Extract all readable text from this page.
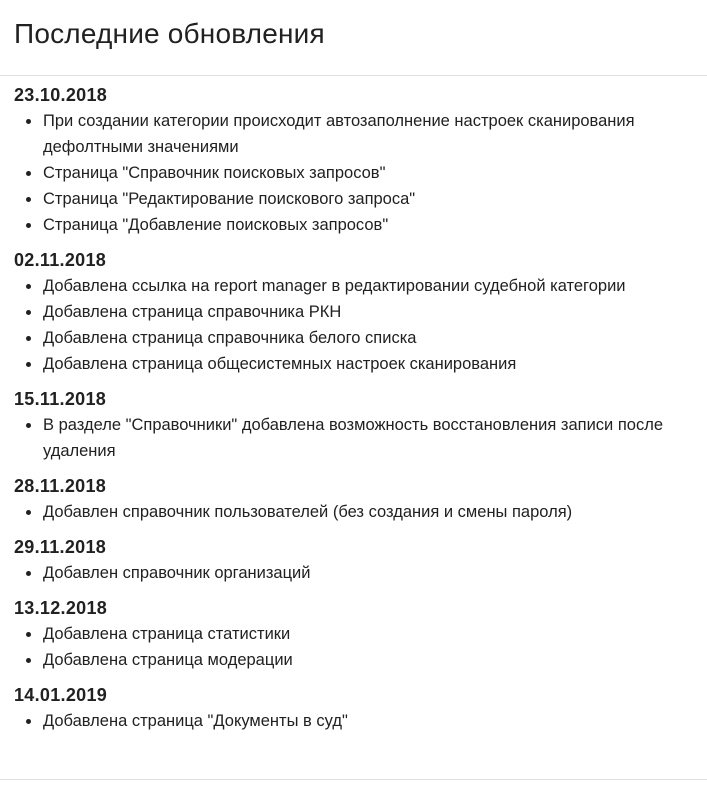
Последние обновления
23.10.2018
При создании категории происходит автозаполнение настроек сканирования дефолтными значениями
Страница "Справочник поисковых запросов"
Страница "Редактирование поискового запроса"
Страница "Добавление поисковых запросов"
02.11.2018
Добавлена ссылка на report manager в редактировании судебной категории
Добавлена страница справочника РКН
Добавлена страница справочника белого списка
Добавлена страница общесистемных настроек сканирования
15.11.2018
В разделе "Справочники" добавлена возможность восстановления записи после удаления
28.11.2018
Добавлен справочник пользователей (без создания и смены пароля)
29.11.2018
Добавлен справочник организаций
13.12.2018
Добавлена страница статистики
Добавлена страница модерации
14.01.2019
Добавлена страница "Документы в суд"
